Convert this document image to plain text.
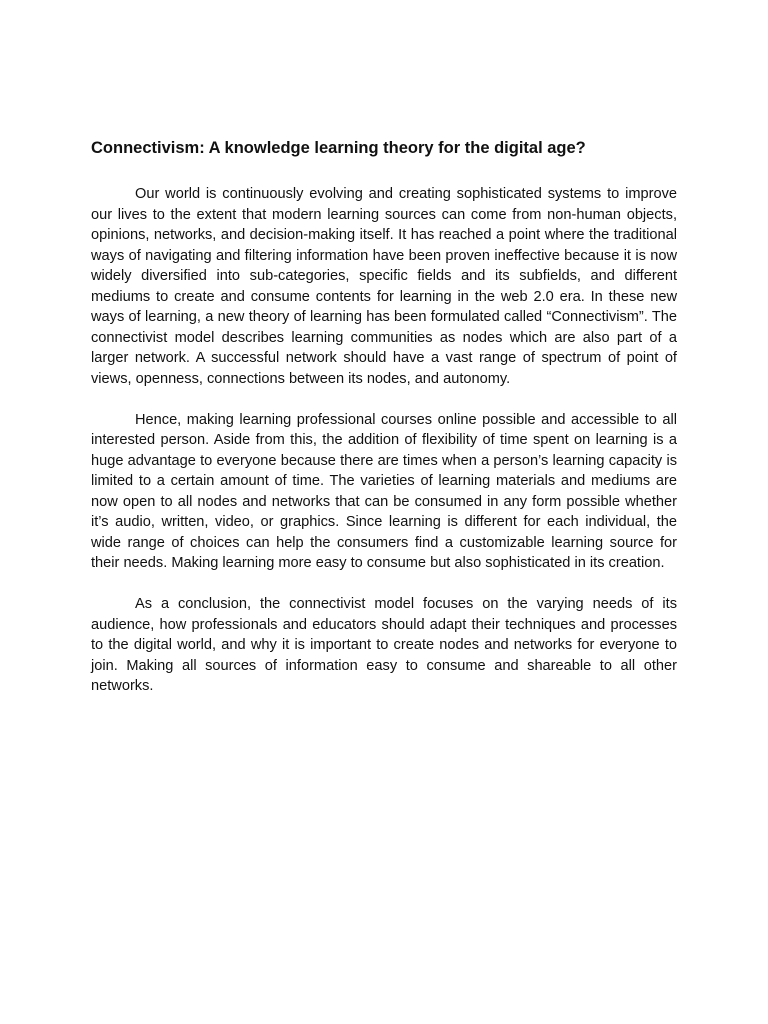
Connectivism: A knowledge learning theory for the digital age?

Our world is continuously evolving and creating sophisticated systems to improve our lives to the extent that modern learning sources can come from non-human objects, opinions, networks, and decision-making itself. It has reached a point where the traditional ways of navigating and filtering information have been proven ineffective because it is now widely diversified into sub-categories, specific fields and its subfields, and different mediums to create and consume contents for learning in the web 2.0 era. In these new ways of learning, a new theory of learning has been formulated called “Connectivism”. The connectivist model describes learning communities as nodes which are also part of a larger network. A successful network should have a vast range of spectrum of point of views, openness, connections between its nodes, and autonomy.

Hence, making learning professional courses online possible and accessible to all interested person. Aside from this, the addition of flexibility of time spent on learning is a huge advantage to everyone because there are times when a person’s learning capacity is limited to a certain amount of time. The varieties of learning materials and mediums are now open to all nodes and networks that can be consumed in any form possible whether it’s audio, written, video, or graphics. Since learning is different for each individual, the wide range of choices can help the consumers find a customizable learning source for their needs. Making learning more easy to consume but also sophisticated in its creation.

As a conclusion, the connectivist model focuses on the varying needs of its audience, how professionals and educators should adapt their techniques and processes to the digital world, and why it is important to create nodes and networks for everyone to join. Making all sources of information easy to consume and shareable to all other networks.
